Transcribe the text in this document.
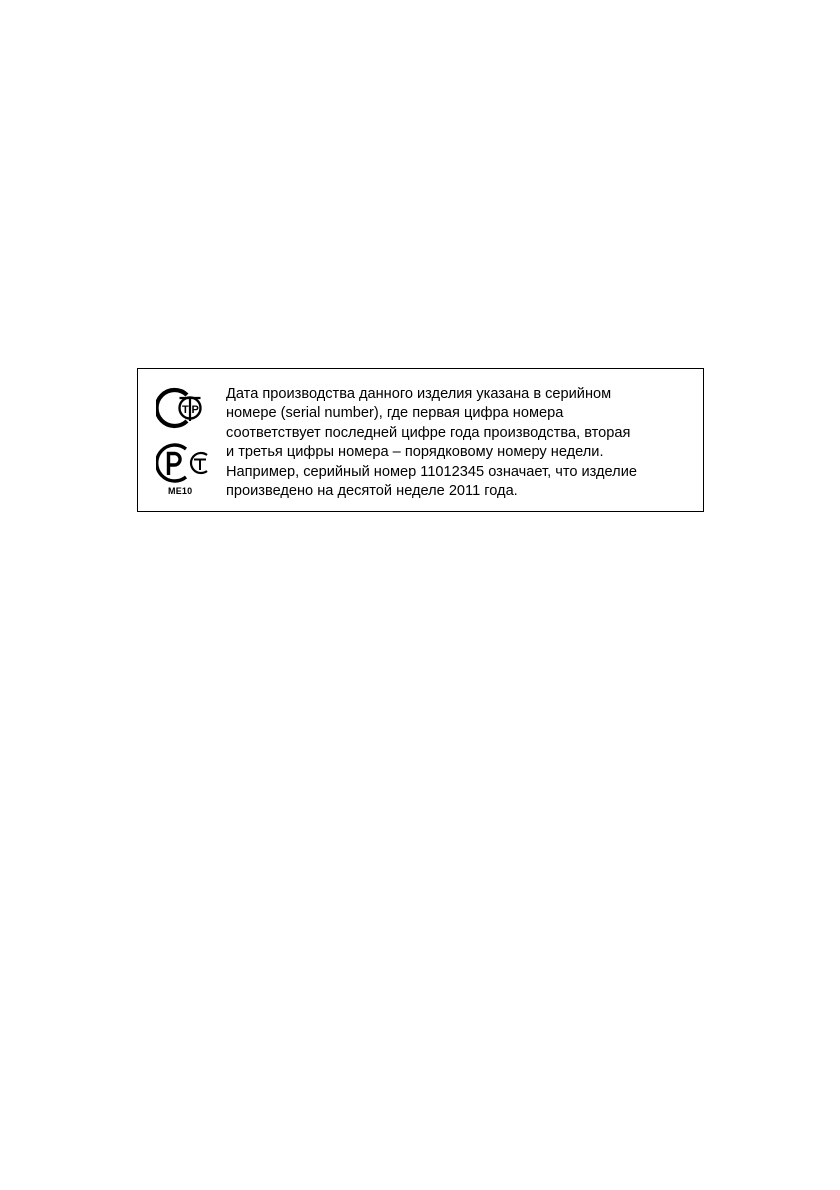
Т Р
ME10

Дата производства данного изделия указана в серийном
номере (serial number), где первая цифра номера
соответствует последней цифре года производства, вторая
и третья цифры номера – порядковому номеру недели.
Например, серийный номер 11012345 означает, что изделие
произведено на десятой неделе 2011 года.
